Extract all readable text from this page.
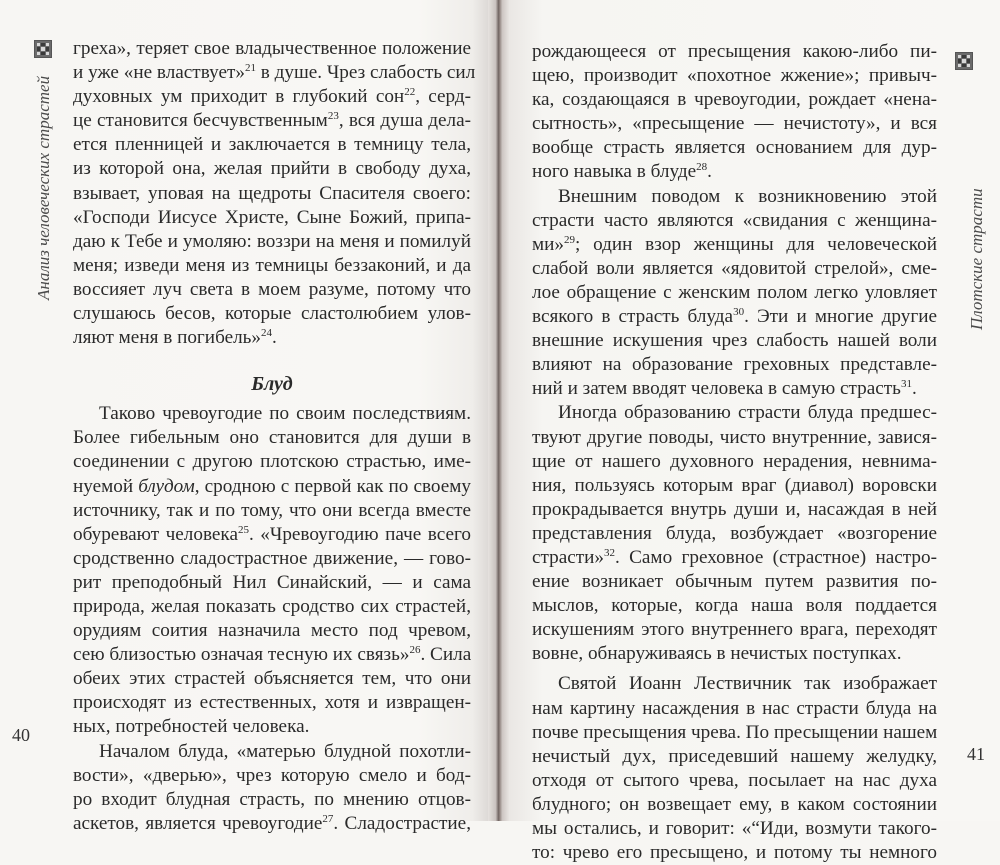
Анализ человеческих страстей
греха», теряет свое владычественное положение
и уже «не властвует»$^{21}$ в душе. Чрез слабость сил
духовных ум приходит в глубокий сон$^{22}$, серд-
це становится бесчувственным$^{23}$, вся душа дела-
ется пленницей и заключается в темницу тела,
из которой она, желая прийти в свободу духа,
взывает, уповая на щедроты Спасителя своего:
«Господи Иисусе Христе, Сыне Божий, припа-
даю к Тебе и умоляю: воззри на меня и помилуй
меня; изведи меня из темницы беззаконий, и да
воссияет луч света в моем разуме, потому что
слушаюсь бесов, которые сластолюбием улов-
ляют меня в погибель»$^{24}$.
Блуд
Таково чревоугодие по своим последствиям.
Более гибельным оно становится для души в
соединении с другою плотскою страстью, име-
нуемой блудом, сродною с первой как по своему
источнику, так и по тому, что они всегда вместе
обуревают человека$^{25}$. «Чревоугодию паче всего
сродственно сладострастное движение, — гово-
рит преподобный Нил Синайский, — и сама
природа, желая показать сродство сих страстей,
орудиям соития назначила место под чревом,
сею близостью означая тесную их связь»$^{26}$. Сила
обеих этих страстей объясняется тем, что они
происходят из естественных, хотя и извращен-
ных, потребностей человека.
Началом блуда, «матерью блудной похотли-
вости», «дверью», чрез которую смело и бод-
ро входит блудная страсть, по мнению отцов-
аскетов, является чревоугодие$^{27}$. Сладострастие,
40
рождающееся от пресыщения какою-либо пи-
щею, производит «похотное жжение»; привыч-
ка, создающаяся в чревоугодии, рождает «нена-
сытность», «пресыщение — нечистоту», и вся
вообще страсть является основанием для дур-
ного навыка в блуде$^{28}$.
Внешним поводом к возникновению этой
страсти часто являются «свидания с женщина-
ми»$^{29}$; один взор женщины для человеческой
слабой воли является «ядовитой стрелой», сме-
лое обращение с женским полом легко уловляет
всякого в страсть блуда$^{30}$. Эти и многие другие
внешние искушения чрез слабость нашей воли
влияют на образование греховных представле-
ний и затем вводят человека в самую страсть$^{31}$.
Иногда образованию страсти блуда предшес-
твуют другие поводы, чисто внутренние, завися-
щие от нашего духовного нерадения, невнима-
ния, пользуясь которым враг (диавол) воровски
прокрадывается внутрь души и, насаждая в ней
представления блуда, возбуждает «возгорение
страсти»$^{32}$. Само греховное (страстное) настро-
ение возникает обычным путем развития по-
мыслов, которые, когда наша воля поддается
искушениям этого внутреннего врага, переходят
вовне, обнаруживаясь в нечистых поступках.
Святой Иоанн Лествичник так изображает
нам картину насаждения в нас страсти блуда на
почве пресыщения чрева. По пресыщении нашем
нечистый дух, приседевший нашему желудку,
отходя от сытого чрева, посылает на нас духа
блудного; он возвещает ему, в каком состоянии
мы остались, и говорит: «“Иди, возмути такого-
то: чрево его пресыщено, и потому ты немного
41
Плотские страсти
